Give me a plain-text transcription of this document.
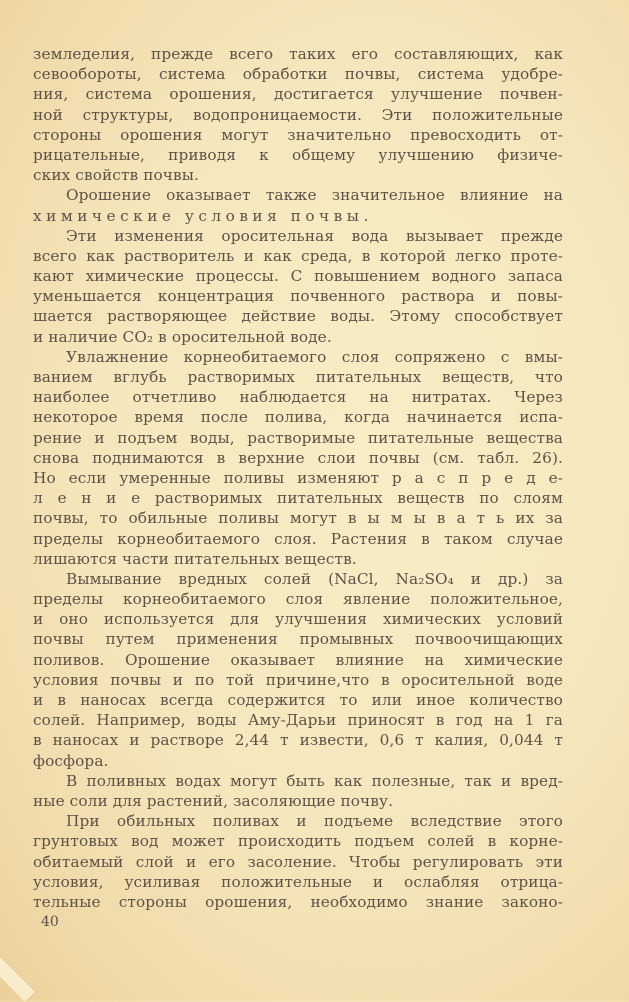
земледелия, прежде всего таких его составляющих, как
севообороты, система обработки почвы, система удобре-
ния, система орошения, достигается улучшение почвен-
ной структуры, водопроницаемости. Эти положительные
стороны орошения могут значительно превосходить от-
рицательные, приводя к общему улучшению физиче-
ских свойств почвы.
Орошение оказывает также значительное влияние на
химические условия почвы.
Эти изменения оросительная вода вызывает прежде
всего как растворитель и как среда, в которой легко проте-
кают химические процессы. С повышением водного запаса
уменьшается концентрация почвенного раствора и повы-
шается растворяющее действие воды. Этому способствует
и наличие CO₂ в оросительной воде.
Увлажнение корнеобитаемого слоя сопряжено с вмы-
ванием вглубь растворимых питательных веществ, что
наиболее отчетливо наблюдается на нитратах. Через
некоторое время после полива, когда начинается испа-
рение и подъем воды, растворимые питательные вещества
снова поднимаются в верхние слои почвы (см. табл. 26).
Но если умеренные поливы изменяют р а с п р е д е-
л е н и е растворимых питательных веществ по слоям
почвы, то обильные поливы могут в ы м ы в а т ь их за
пределы корнеобитаемого слоя. Растения в таком случае
лишаются части питательных веществ.
Вымывание вредных солей (NaCl, Na₂SO₄ и др.) за
пределы корнеобитаемого слоя явление положительное,
и оно используется для улучшения химических условий
почвы путем применения промывных почвоочищающих
поливов. Орошение оказывает влияние на химические
условия почвы и по той причине,что в оросительной воде
и в наносах всегда содержится то или иное количество
солей. Например, воды Аму-Дарьи приносят в год на 1 га
в наносах и растворе 2,44 т извести, 0,6 т калия, 0,044 т
фосфора.
В поливных водах могут быть как полезные, так и вред-
ные соли для растений, засоляющие почву.
При обильных поливах и подъеме вследствие этого
грунтовых вод может происходить подъем солей в корне-
обитаемый слой и его засоление. Чтобы регулировать эти
условия, усиливая положительные и ослабляя отрица-
тельные стороны орошения, необходимо знание законо-
40
